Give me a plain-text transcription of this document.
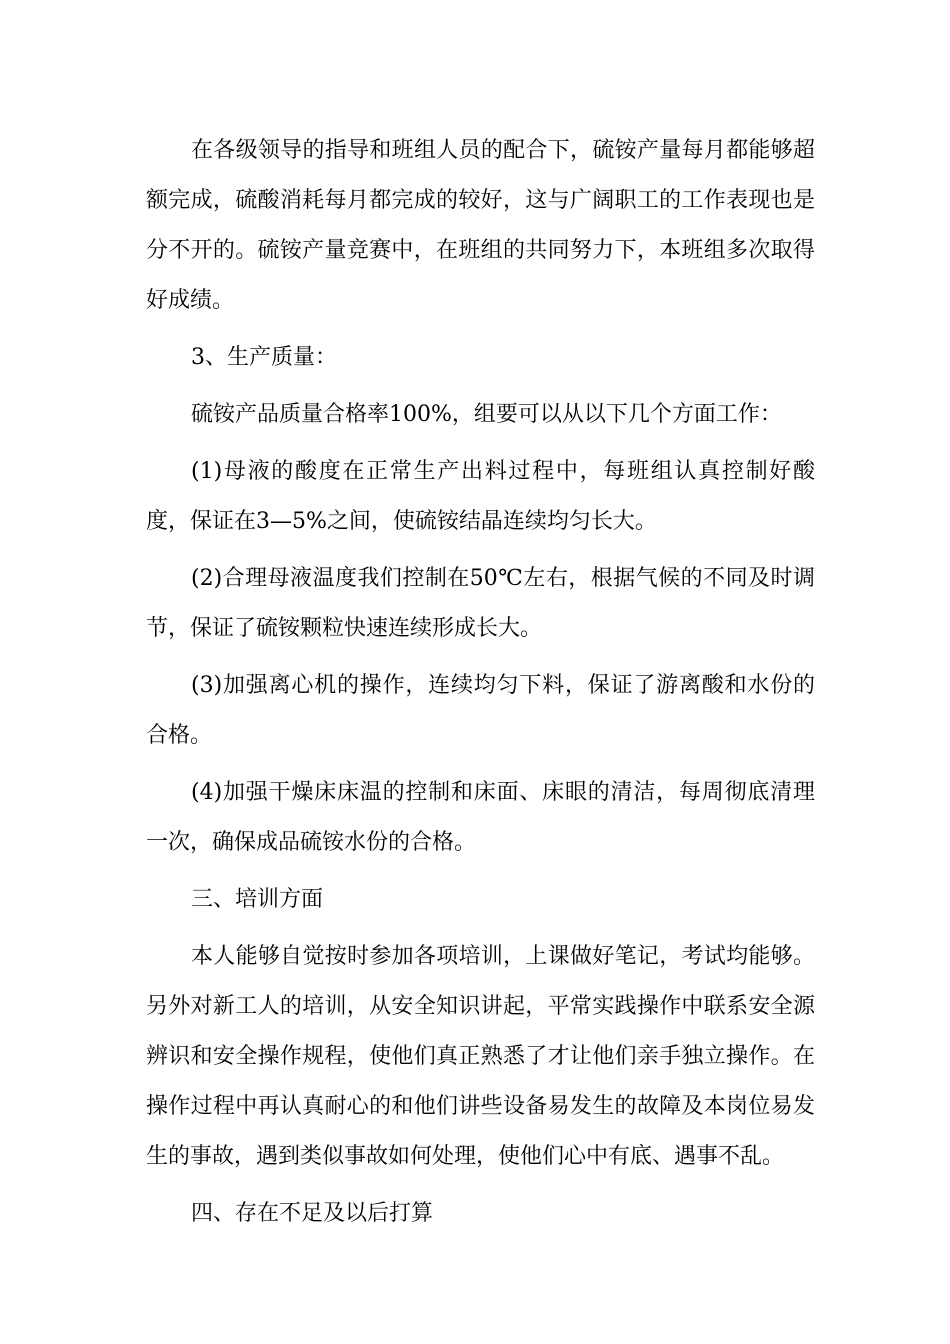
在各级领导的指导和班组人员的配合下，硫铵产量每月都能够超额完成，硫酸消耗每月都完成的较好，这与广阔职工的工作表现也是分不开的。硫铵产量竞赛中，在班组的共同努力下，本班组多次取得好成绩。

3、生产质量：

硫铵产品质量合格率100%，组要可以从以下几个方面工作：

(1)母液的酸度在正常生产出料过程中，每班组认真控制好酸度，保证在3—5%之间，使硫铵结晶连续均匀长大。

(2)合理母液温度我们控制在50℃左右，根据气候的不同及时调节，保证了硫铵颗粒快速连续形成长大。

(3)加强离心机的操作，连续均匀下料，保证了游离酸和水份的合格。

(4)加强干燥床床温的控制和床面、床眼的清洁，每周彻底清理一次，确保成品硫铵水份的合格。

三、培训方面

本人能够自觉按时参加各项培训，上课做好笔记，考试均能够。另外对新工人的培训，从安全知识讲起，平常实践操作中联系安全源辨识和安全操作规程，使他们真正熟悉了才让他们亲手独立操作。在操作过程中再认真耐心的和他们讲些设备易发生的故障及本岗位易发生的事故，遇到类似事故如何处理，使他们心中有底、遇事不乱。

四、存在不足及以后打算
